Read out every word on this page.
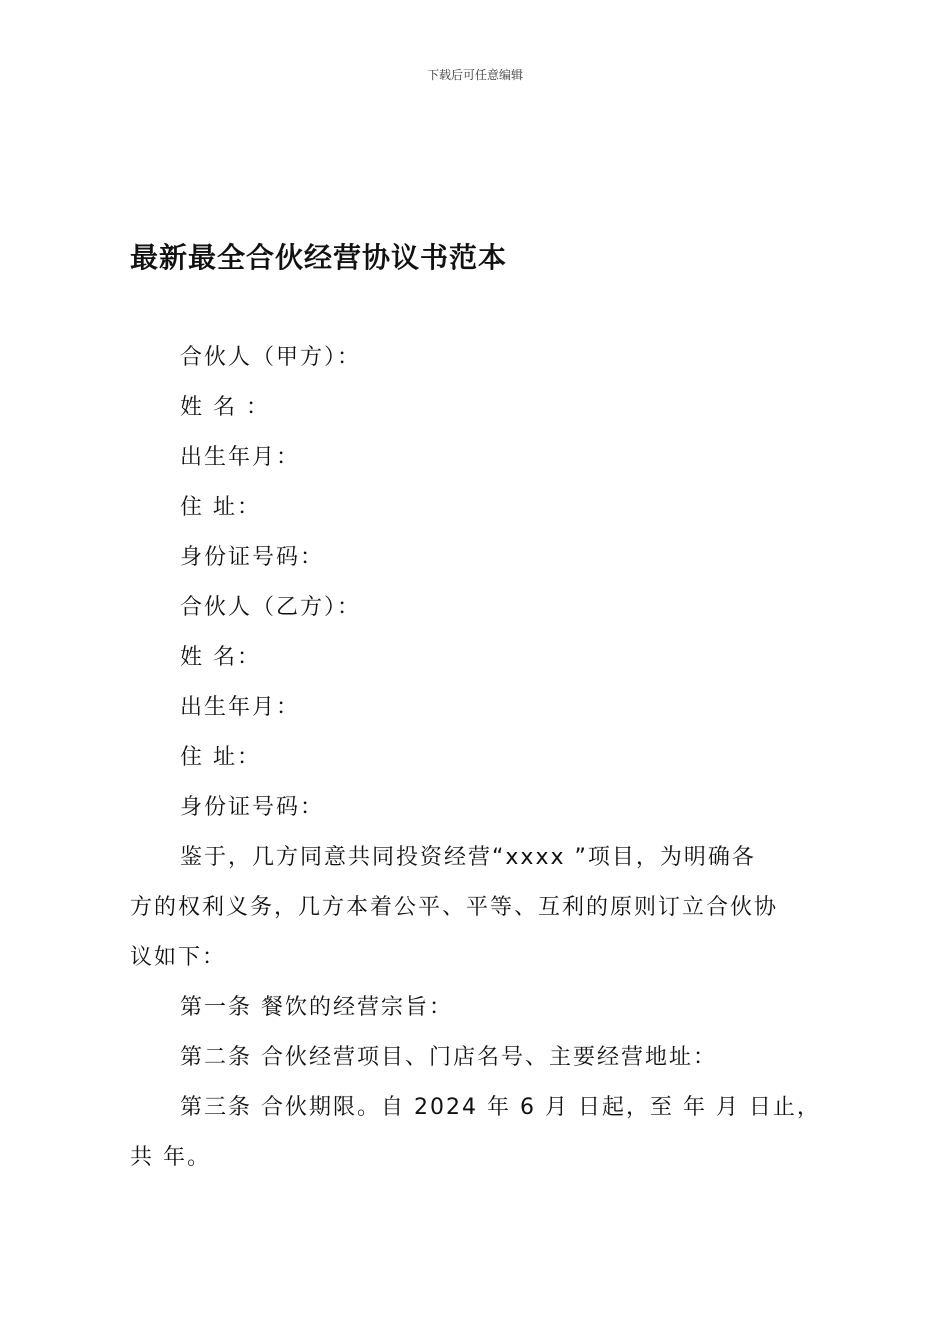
下载后可任意编辑
最新最全合伙经营协议书范本
合伙人（甲方）：
姓 名 ：
出生年月：
住 址：
身份证号码：
合伙人（乙方）：
姓 名：
出生年月：
住 址：
身份证号码：
鉴于，几方同意共同投资经营“xxxx ”项目，为明确各
方的权利义务，几方本着公平、平等、互利的原则订立合伙协
议如下：
第一条 餐饮的经营宗旨：
第二条 合伙经营项目、门店名号、主要经营地址：
第三条 合伙期限。自 2024 年 6 月 日起，至 年 月 日止，
共 年。
